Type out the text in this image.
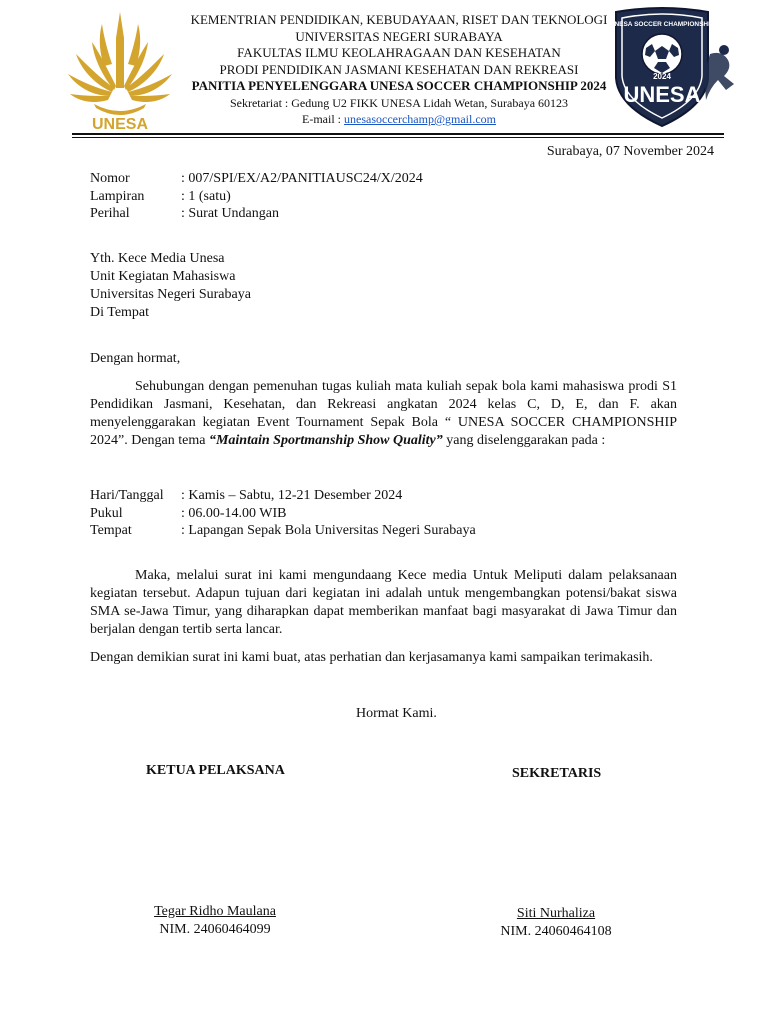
UNESA
KEMENTRIAN PENDIDIKAN, KEBUDAYAAN, RISET DAN TEKNOLOGI
UNIVERSITAS NEGERI SURABAYA
FAKULTAS ILMU KEOLAHRAGAAN DAN KESEHATAN
PRODI PENDIDIKAN JASMANI KESEHATAN DAN REKREASI
PANITIA PENYELENGGARA UNESA SOCCER CHAMPIONSHIP 2024
Sekretariat : Gedung U2 FIKK UNESA Lidah Wetan, Surabaya 60123
E-mail : unesasoccerchamp@gmail.com
UNESA SOCCER CHAMPIONSHIP
2024
UNESA
Surabaya, 07 November 2024
Nomor	: 007/SPI/EX/A2/PANITIAUSC24/X/2024
Lampiran	: 1 (satu)
Perihal	: Surat Undangan
Yth. Kece Media Unesa
Unit Kegiatan Mahasiswa
Universitas Negeri Surabaya
Di Tempat
Dengan hormat,
Sehubungan dengan pemenuhan tugas kuliah mata kuliah sepak bola kami mahasiswa prodi S1 Pendidikan Jasmani, Kesehatan, dan Rekreasi angkatan 2024 kelas C, D, E, dan F. akan menyelenggarakan kegiatan Event Tournament Sepak Bola “ UNESA SOCCER CHAMPIONSHIP 2024”. Dengan tema “Maintain Sportmanship Show Quality” yang diselenggarakan pada :
Hari/Tanggal	: Kamis – Sabtu, 12-21 Desember 2024
Pukul	: 06.00-14.00 WIB
Tempat	: Lapangan Sepak Bola Universitas Negeri Surabaya
Maka, melalui surat ini kami mengundaang Kece media Untuk Meliputi dalam pelaksanaan kegiatan tersebut. Adapun tujuan dari kegiatan ini adalah untuk mengembangkan potensi/bakat siswa SMA se-Jawa Timur, yang diharapkan dapat memberikan manfaat bagi masyarakat di Jawa Timur dan berjalan dengan tertib serta lancar.
Dengan demikian surat ini kami buat, atas perhatian dan kerjasamanya kami sampaikan terimakasih.
Hormat Kami.
KETUA PELAKSANA	SEKRETARIS
Tegar Ridho Maulana
NIM. 24060464099
Siti Nurhaliza
NIM. 24060464108
